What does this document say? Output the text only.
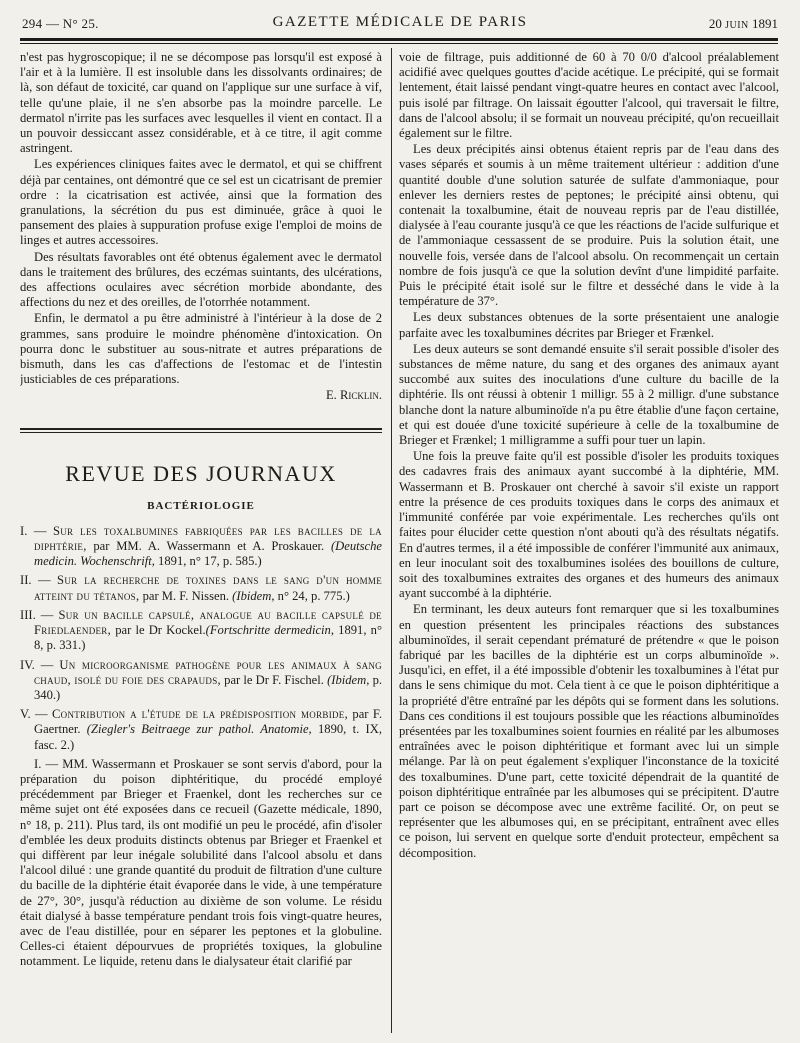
294 — N° 25.	GAZETTE MÉDICALE DE PARIS	20 JUIN 1891

n'est pas hygroscopique; il ne se décompose pas lorsqu'il est exposé à l'air et à la lumière. Il est insoluble dans les dissolvants ordinaires; de là, son défaut de toxicité, car quand on l'applique sur une surface à vif, telle qu'une plaie, il ne s'en absorbe pas la moindre parcelle. Le dermatol n'irrite pas les surfaces avec lesquelles il vient en contact. Il a un pouvoir dessiccant assez considérable, et à ce titre, il agit comme astringent.

Les expériences cliniques faites avec le dermatol, et qui se chiffrent déjà par centaines, ont démontré que ce sel est un cicatrisant de premier ordre : la cicatrisation est activée, ainsi que la formation des granulations, la sécrétion du pus est diminuée, grâce à quoi le pansement des plaies à suppuration profuse exige l'emploi de moins de linges et autres accessoires.

Des résultats favorables ont été obtenus également avec le dermatol dans le traitement des brûlures, des eczémas suintants, des ulcérations, des affections oculaires avec sécrétion morbide abondante, des affections du nez et des oreilles, de l'otorrhée notamment.

Enfin, le dermatol a pu être administré à l'intérieur à la dose de 2 grammes, sans produire le moindre phénomène d'intoxication. On pourra donc le substituer au sous-nitrate et autres préparations de bismuth, dans les cas d'affections de l'estomac et de l'intestin justiciables de ces préparations.

E. Ricklin.

REVUE DES JOURNAUX
BACTÉRIOLOGIE
I. — Sur les toxalbumines fabriquées par les bacilles de la diphtérie, par MM. A. Wassermann et A. Proskauer. (Deutsche medicin. Wochenschrift, 1891, n° 17, p. 585.)
II. — Sur la recherche de toxines dans le sang d'un homme atteint du tétanos, par M. F. Nissen. (Ibidem, n° 24, p. 775.)
III. — Sur un bacille capsulé, analogue au bacille capsulé de Friedlaender, par le Dr Kockel.(Fortschritte dermedicin, 1891, n° 8, p. 331.)
IV. — Un microorganisme pathogène pour les animaux à sang chaud, isolé du foie des crapauds, par le Dr F. Fischel. (Ibidem, p. 340.)
V. — Contribution a l'étude de la prédisposition morbide, par F. Gaertner. (Ziegler's Beitraege zur pathol. Anatomie, 1890, t. IX, fasc. 2.)

I. — MM. Wassermann et Proskauer se sont servis d'abord, pour la préparation du poison diphtéritique, du procédé employé précédemment par Brieger et Fraenkel, dont les recherches sur ce même sujet ont été exposées dans ce recueil (Gazette médicale, 1890, n° 18, p. 211). Plus tard, ils ont modifié un peu le procédé, afin d'isoler d'emblée les deux produits distincts obtenus par Brieger et Fraenkel et qui diffèrent par leur inégale solubilité dans l'alcool absolu et dans l'alcool dilué : une grande quantité du produit de filtration d'une culture du bacille de la diphtérie était évaporée dans le vide, à une température de 27°, 30°, jusqu'à réduction au dixième de son volume. Le résidu était dialysé à basse température pendant trois fois vingt-quatre heures, avec de l'eau distillée, pour en séparer les peptones et la globuline. Celles-ci étaient dépourvues de propriétés toxiques, la globuline notamment. Le liquide, retenu dans le dialysateur était clarifié par

voie de filtrage, puis additionné de 60 à 70 0/0 d'alcool préalablement acidifié avec quelques gouttes d'acide acétique. Le précipité, qui se formait lentement, était laissé pendant vingt-quatre heures en contact avec l'alcool, puis isolé par filtrage. On laissait égoutter l'alcool, qui traversait le filtre, dans de l'alcool absolu; il se formait un nouveau précipité, qu'on recueillait également sur le filtre.

Les deux précipités ainsi obtenus étaient repris par de l'eau dans des vases séparés et soumis à un même traitement ultérieur : addition d'une quantité double d'une solution saturée de sulfate d'ammoniaque, pour enlever les derniers restes de peptones; le précipité ainsi obtenu, qui contenait la toxalbumine, était de nouveau repris par de l'eau distillée, dialysée à l'eau courante jusqu'à ce que les réactions de l'acide sulfurique et de l'ammoniaque cessassent de se produire. Puis la solution était, une nouvelle fois, versée dans de l'alcool absolu. On recommençait un certain nombre de fois jusqu'à ce que la solution devînt d'une limpidité parfaite. Puis le précipité était isolé sur le filtre et desséché dans le vide à la température de 37°.

Les deux substances obtenues de la sorte présentaient une analogie parfaite avec les toxalbumines décrites par Brieger et Frænkel.

Les deux auteurs se sont demandé ensuite s'il serait possible d'isoler des substances de même nature, du sang et des organes des animaux ayant succombé aux suites des inoculations d'une culture du bacille de la diphtérie. Ils ont réussi à obtenir 1 milligr. 55 à 2 milligr. d'une substance blanche dont la nature albuminoïde n'a pu être établie d'une façon certaine, et qui est douée d'une toxicité supérieure à celle de la toxalbumine de Brieger et Frænkel; 1 milligramme a suffi pour tuer un lapin.

Une fois la preuve faite qu'il est possible d'isoler les produits toxiques des cadavres frais des animaux ayant succombé à la diphtérie, MM. Wassermann et B. Proskauer ont cherché à savoir s'il existe un rapport entre la présence de ces produits toxiques dans le corps des animaux et l'immunité conférée par voie expérimentale. Les recherches qu'ils ont faites pour élucider cette question n'ont abouti qu'à des résultats négatifs. En d'autres termes, il a été impossible de conférer l'immunité aux animaux, en leur inoculant soit des toxalbumines isolées des bouillons de culture, soit des toxalbumines extraites des organes et des humeurs des animaux ayant succombé à la diphtérie.

En terminant, les deux auteurs font remarquer que si les toxalbumines en question présentent les principales réactions des substances albuminoïdes, il serait cependant prématuré de prétendre « que le poison fabriqué par les bacilles de la diphtérie est un corps albuminoïde ». Jusqu'ici, en effet, il a été impossible d'obtenir les toxalbumines à l'état pur dans le sens chimique du mot. Cela tient à ce que le poison diphtéritique a la propriété d'être entraîné par les dépôts qui se forment dans les solutions. Dans ces conditions il est toujours possible que les réactions albuminoïdes présentées par les toxalbumines soient fournies en réalité par les albumoses entraînées avec le poison diphtéritique et formant avec lui un simple mélange. Par là on peut également s'expliquer l'inconstance de la toxicité des toxalbumines. D'une part, cette toxicité dépendrait de la quantité de poison diphtéritique entraînée par les albumoses qui se précipitent. D'autre part ce poison se décompose avec une extrême facilité. Or, on peut se représenter que les albumoses qui, en se précipitant, entraînent avec elles ce poison, lui servent en quelque sorte d'enduit protecteur, empêchent sa décomposition.
